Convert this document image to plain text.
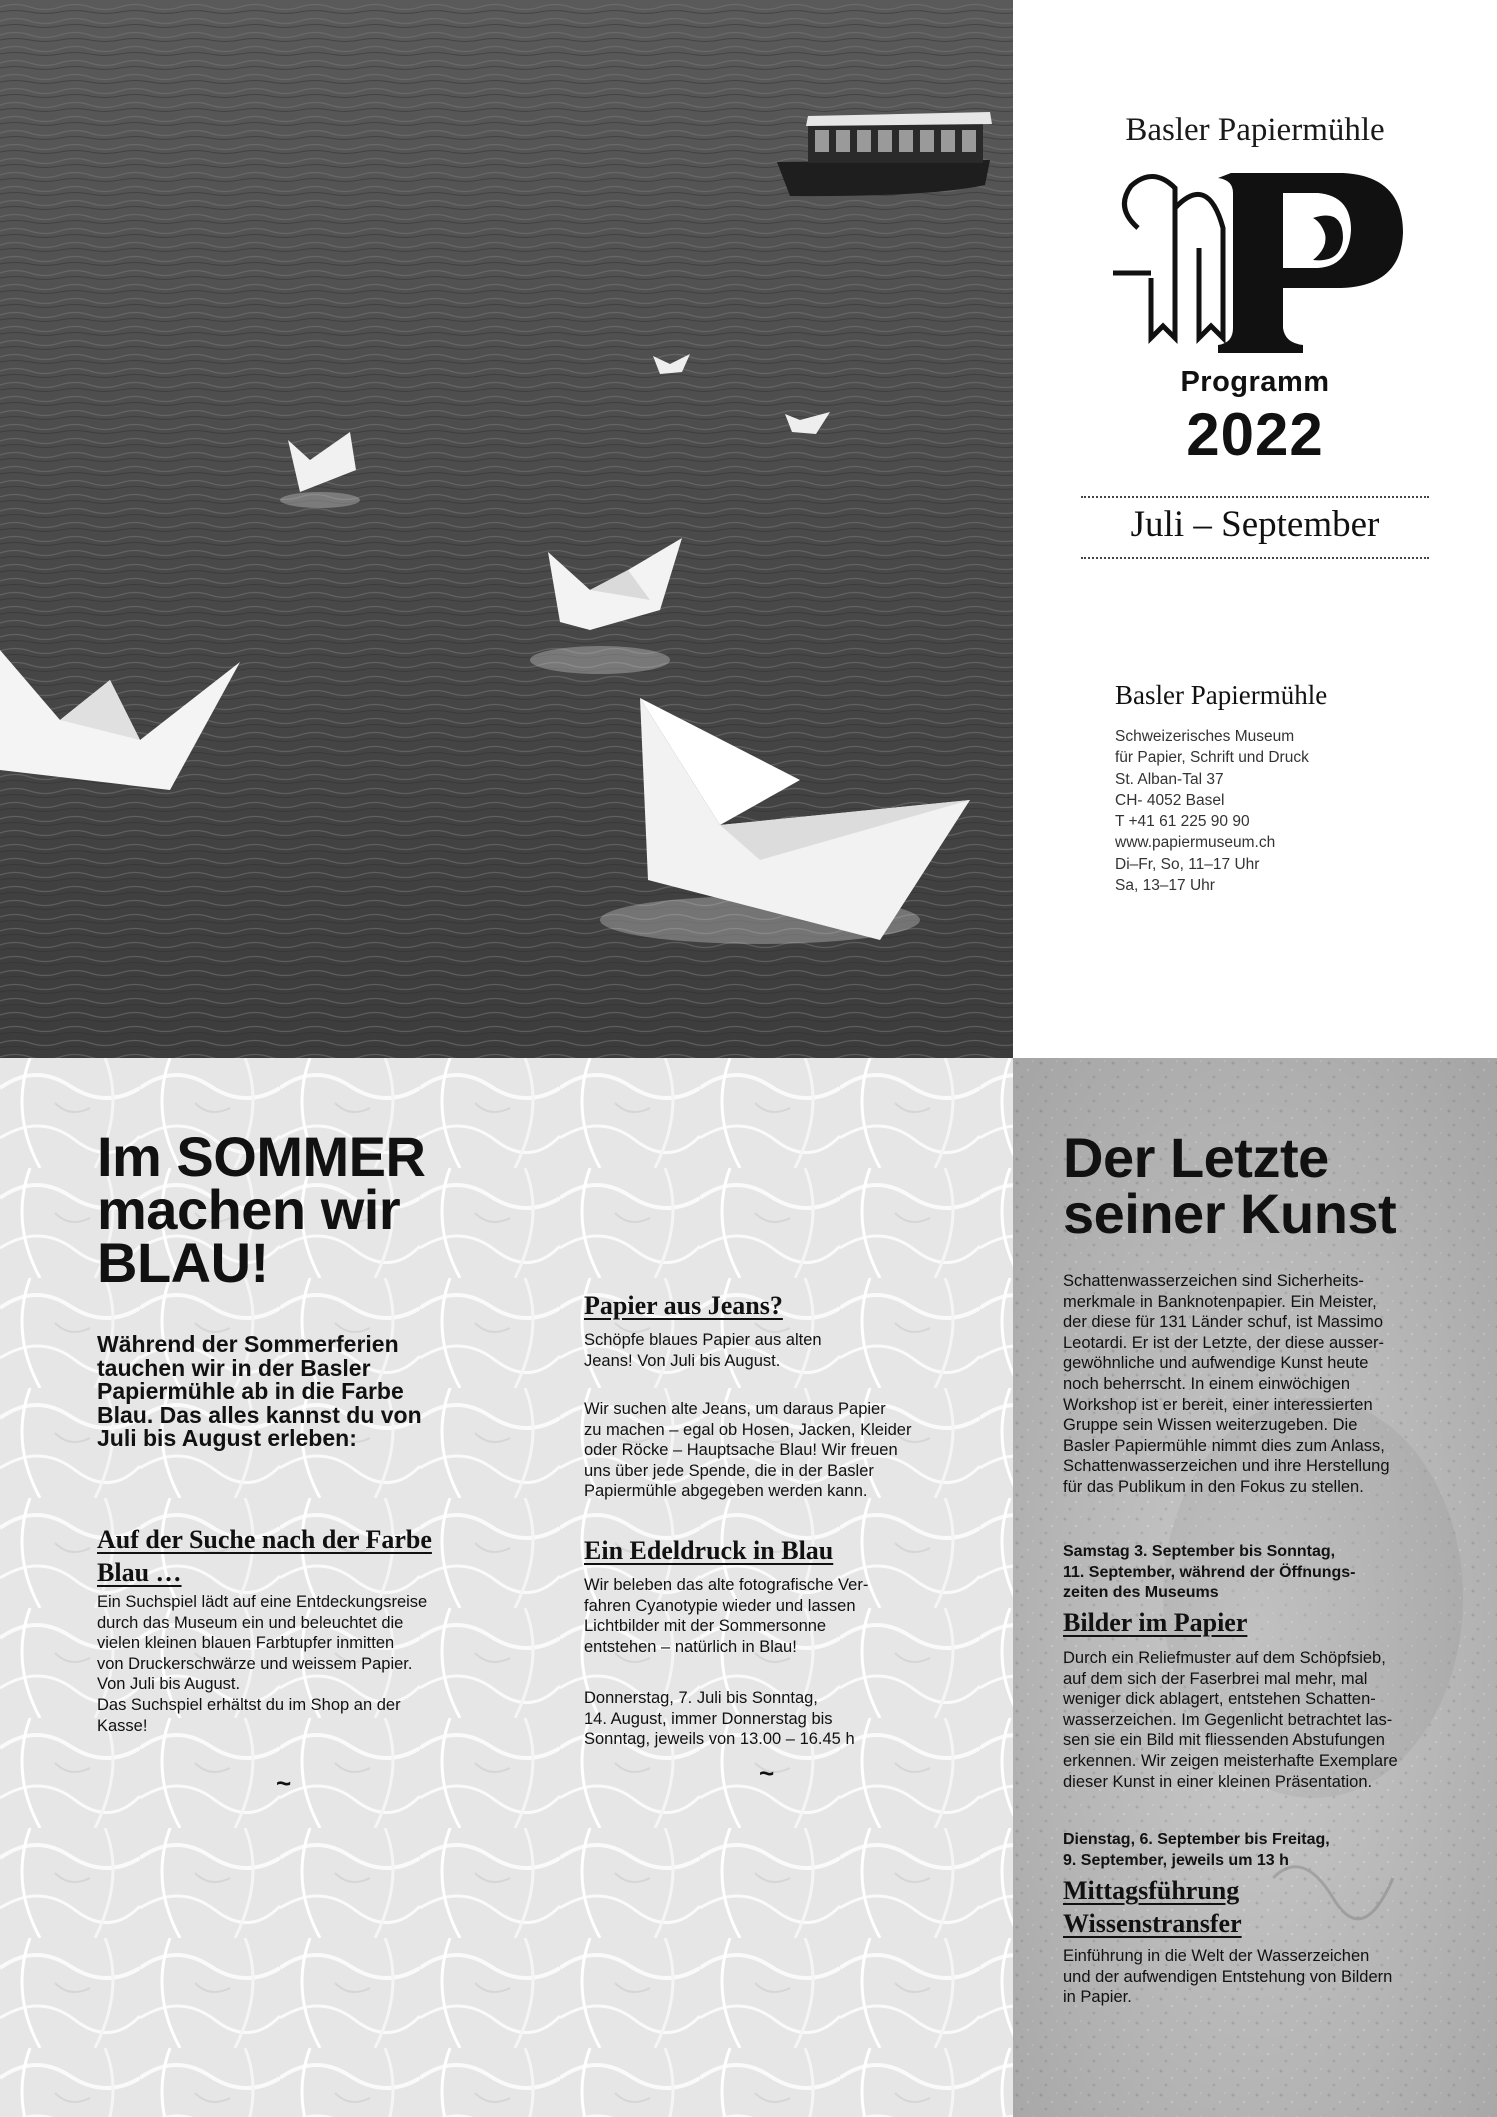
Basler Papiermühle
Programm
2022
Juli – September
Basler Papiermühle
Schweizerisches Museum
für Papier, Schrift und Druck
St. Alban-Tal 37
CH- 4052 Basel
T +41 61 225 90 90
www.papiermuseum.ch
Di–Fr, So, 11–17 Uhr
Sa, 13–17 Uhr
Im SOMMER
machen wir
BLAU!
Während der Sommerferien
tauchen wir in der Basler
Papiermühle ab in die Farbe
Blau. Das alles kannst du von
Juli bis August erleben:
Auf der Suche nach der Farbe Blau …
Ein Suchspiel lädt auf eine Entdeckungsreise
durch das Museum ein und beleuchtet die
vielen kleinen blauen Farbtupfer inmitten
von Druckerschwärze und weissem Papier.
Von Juli bis August.
Das Suchspiel erhältst du im Shop an der
Kasse!
~
Papier aus Jeans?
Schöpfe blaues Papier aus alten
Jeans! Von Juli bis August.
Wir suchen alte Jeans, um daraus Papier
zu machen – egal ob Hosen, Jacken, Kleider
oder Röcke – Hauptsache Blau! Wir freuen
uns über jede Spende, die in der Basler
Papiermühle abgegeben werden kann.
Ein Edeldruck in Blau
Wir beleben das alte fotografische Ver-
fahren Cyanotypie wieder und lassen
Lichtbilder mit der Sommersonne
entstehen – natürlich in Blau!
Donnerstag, 7. Juli bis Sonntag,
14. August, immer Donnerstag bis
Sonntag, jeweils von 13.00 – 16.45 h
~
Der Letzte
seiner Kunst
Schattenwasserzeichen sind Sicherheits-
merkmale in Banknotenpapier. Ein Meister,
der diese für 131 Länder schuf, ist Massimo
Leotardi. Er ist der Letzte, der diese ausser-
gewöhnliche und aufwendige Kunst heute
noch beherrscht. In einem einwöchigen
Workshop ist er bereit, einer interessierten
Gruppe sein Wissen weiterzugeben. Die
Basler Papiermühle nimmt dies zum Anlass,
Schattenwasserzeichen und ihre Herstellung
für das Publikum in den Fokus zu stellen.
Samstag 3. September bis Sonntag,
11. September, während der Öffnungs-
zeiten des Museums
Bilder im Papier
Durch ein Reliefmuster auf dem Schöpfsieb,
auf dem sich der Faserbrei mal mehr, mal
weniger dick ablagert, entstehen Schatten-
wasserzeichen. Im Gegenlicht betrachtet las-
sen sie ein Bild mit fliessenden Abstufungen
erkennen. Wir zeigen meisterhafte Exemplare
dieser Kunst in einer kleinen Präsentation.
Dienstag, 6. September bis Freitag,
9. September, jeweils um 13 h
Mittagsführung
Wissenstransfer
Einführung in die Welt der Wasserzeichen
und der aufwendigen Entstehung von Bildern
in Papier.
